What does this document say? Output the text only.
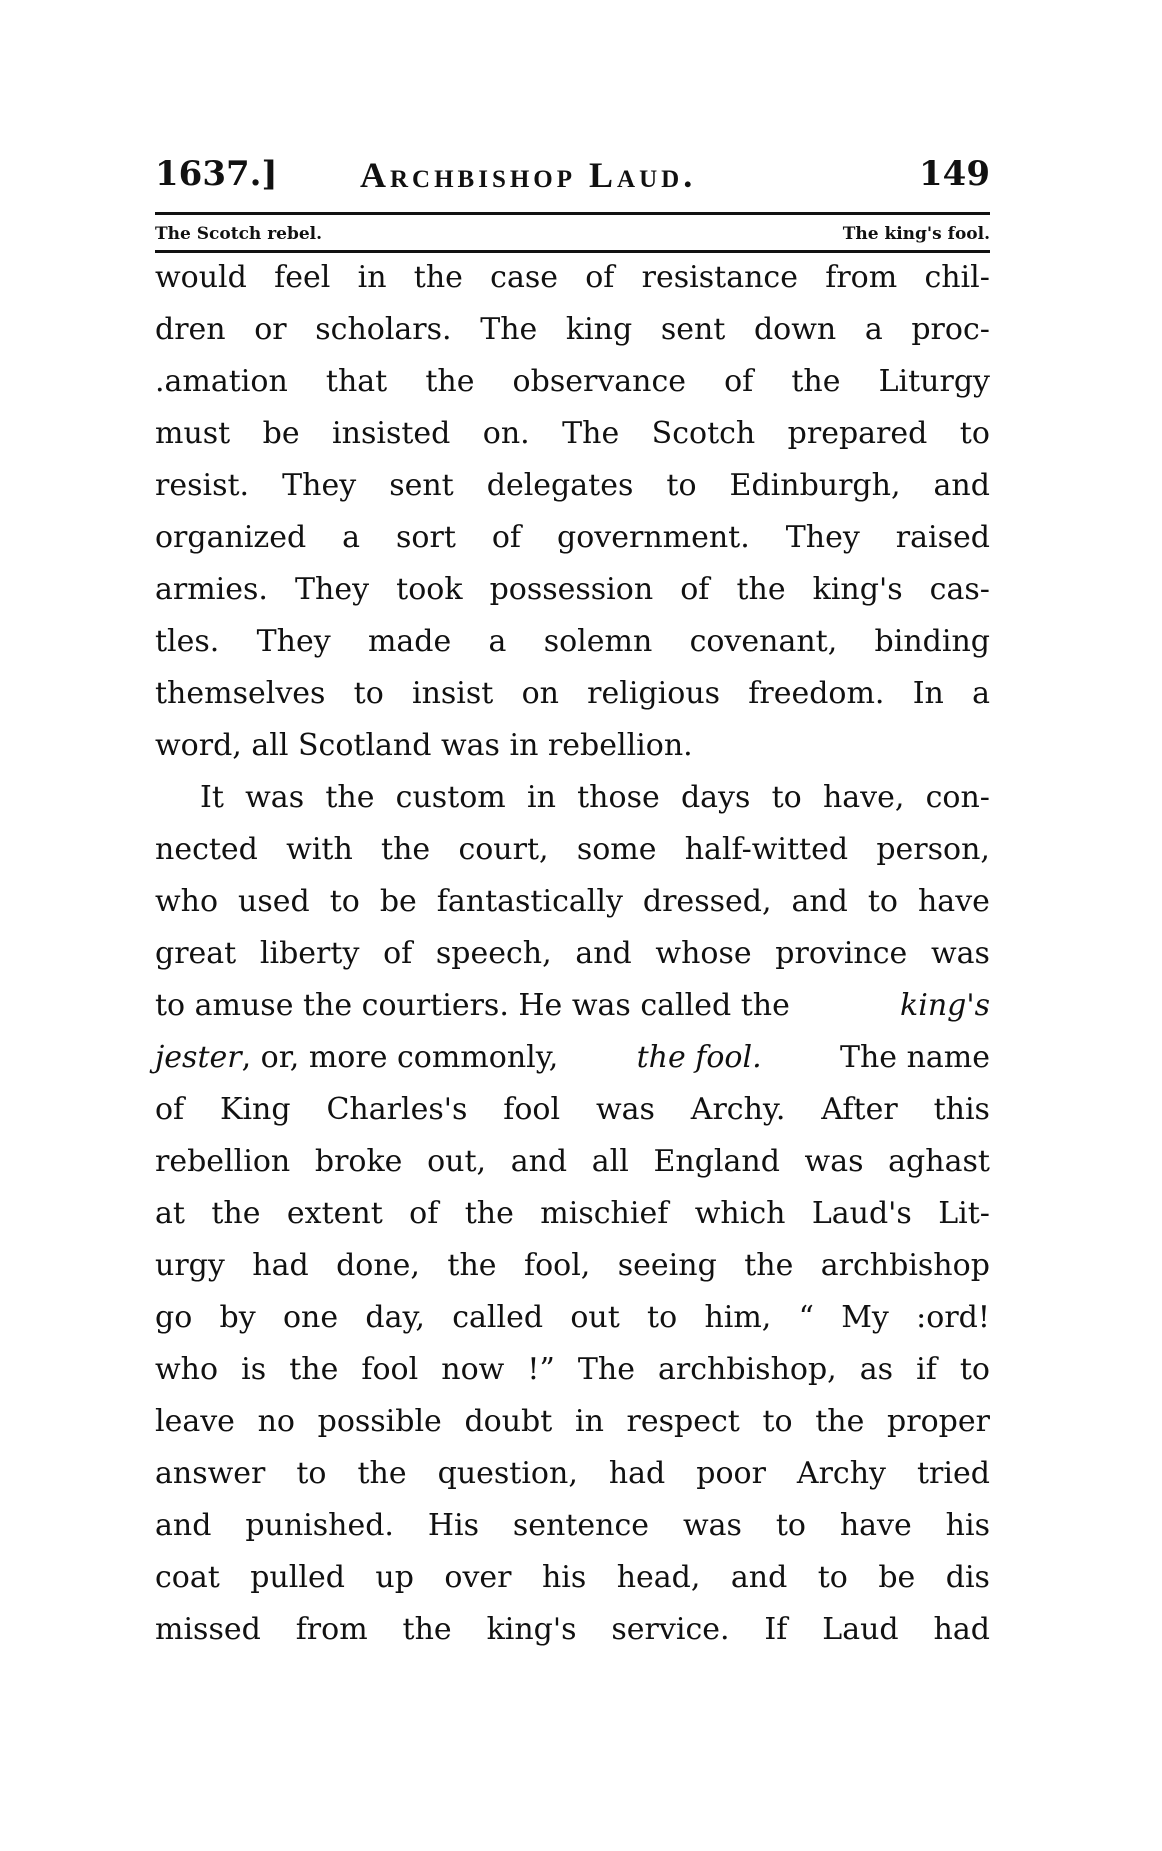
1637.] Archbishop Laud.	149
The Scotch rebel.	The king's fool.
would feel in the case of resistance from chil-
dren or scholars. The king sent down a proc-
.amation that the observance of the Liturgy
must be insisted on. The Scotch prepared to
resist. They sent delegates to Edinburgh, and
organized a sort of government. They raised
armies. They took possession of the king's cas-
tles. They made a solemn covenant, binding
themselves to insist on religious freedom. In a
word, all Scotland was in rebellion.
It was the custom in those days to have, con-
nected with the court, some half-witted person,
who used to be fantastically dressed, and to have
great liberty of speech, and whose province was
to amuse the courtiers. He was called the	king's
jester, or, more commonly,	the fool.	The name
of King Charles's fool was Archy. After this
rebellion broke out, and all England was aghast
at the extent of the mischief which Laud's Lit-
urgy had done, the fool, seeing the archbishop
go by one day, called out to him, “ My :ord!
who is the fool now !” The archbishop, as if to
leave no possible doubt in respect to the proper
answer to the question, had poor Archy tried
and punished. His sentence was to have his
coat pulled up over his head, and to be dis
missed from the king's service. If Laud had
